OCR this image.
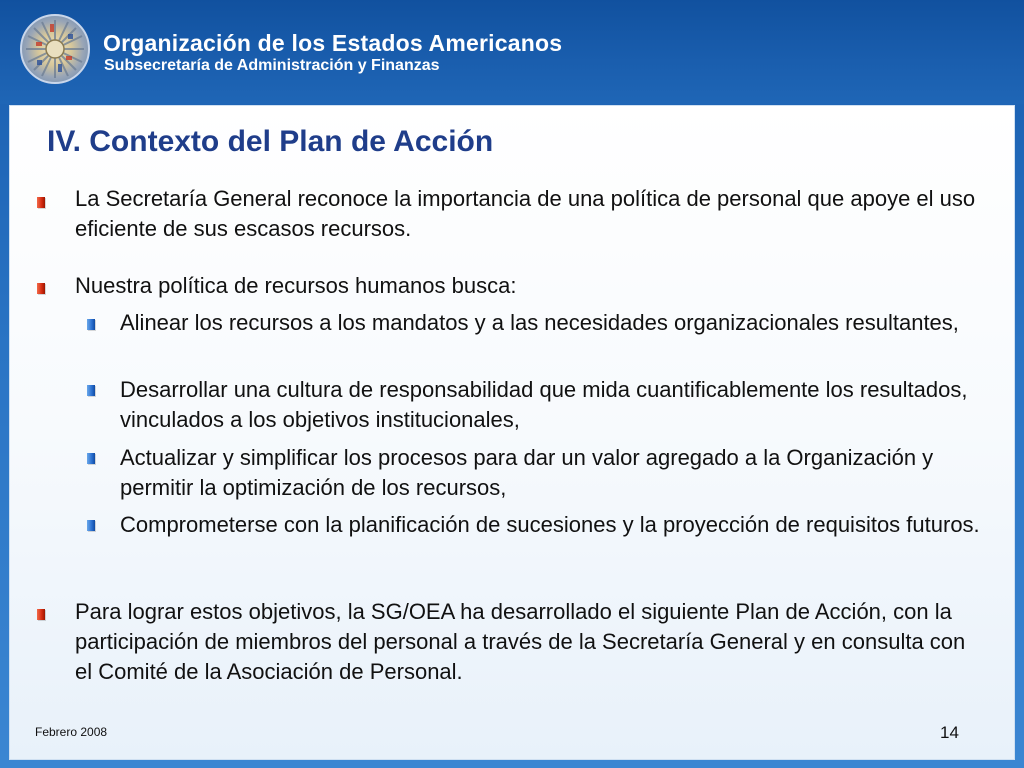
Organización de los Estados Americanos
Subsecretaría de Administración y Finanzas
IV. Contexto del Plan de Acción
La Secretaría General reconoce la importancia de una política de personal que apoye el uso eficiente de sus escasos recursos.
Nuestra política de recursos humanos busca:
Alinear los recursos a los mandatos y a las necesidades organizacionales resultantes,
Desarrollar una cultura de responsabilidad que mida cuantificablemente los resultados, vinculados a los objetivos institucionales,
Actualizar y simplificar los procesos para dar un valor agregado a la Organización y permitir la optimización de los recursos,
Comprometerse con la planificación de sucesiones y la proyección de requisitos futuros.
Para lograr estos objetivos, la SG/OEA ha desarrollado el siguiente Plan de Acción, con la participación de miembros del personal a través de la Secretaría General y en consulta con el Comité de la Asociación de Personal.
Febrero 2008	14
